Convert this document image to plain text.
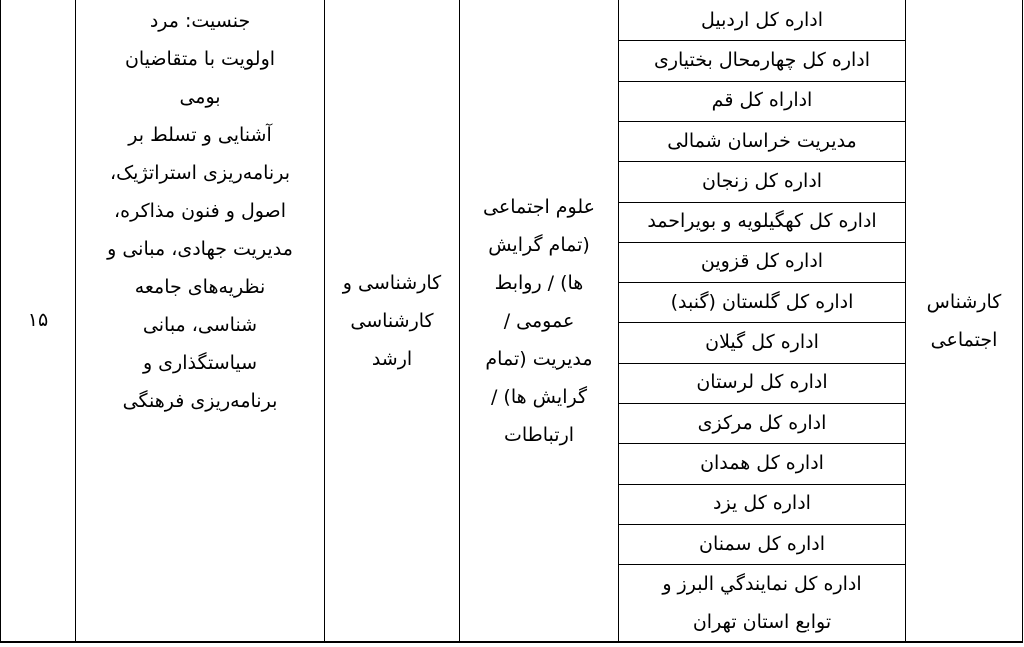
۱۵
جنسیت: مرد
اولویت با متقاضیان
بومی
آشنایی و تسلط بر
برنامه‌ریزی استراتژیک،
اصول و فنون مذاکره،
مدیریت جهادی، مبانی و
نظریه‌های جامعه
شناسی، مبانی
سیاستگذاری و
برنامه‌ریزی فرهنگی
کارشناسی و
کارشناسی
ارشد
علوم اجتماعی
(تمام گرایش
ها) / روابط
عمومی /
مدیریت (تمام
گرایش ها) /
ارتباطات
اداره کل اردبیل
اداره کل چهارمحال بختیاری
اداراه کل قم
مدیریت خراسان شمالی
اداره کل زنجان
اداره کل کهگیلویه و بویراحمد
اداره کل قزوین
اداره کل گلستان (گنبد)
اداره کل گیلان
اداره کل لرستان
اداره کل مرکزی
اداره کل همدان
اداره کل یزد
اداره کل سمنان
اداره کل نمایندگي البرز و
توابع استان تهران
کارشناس
اجتماعی
